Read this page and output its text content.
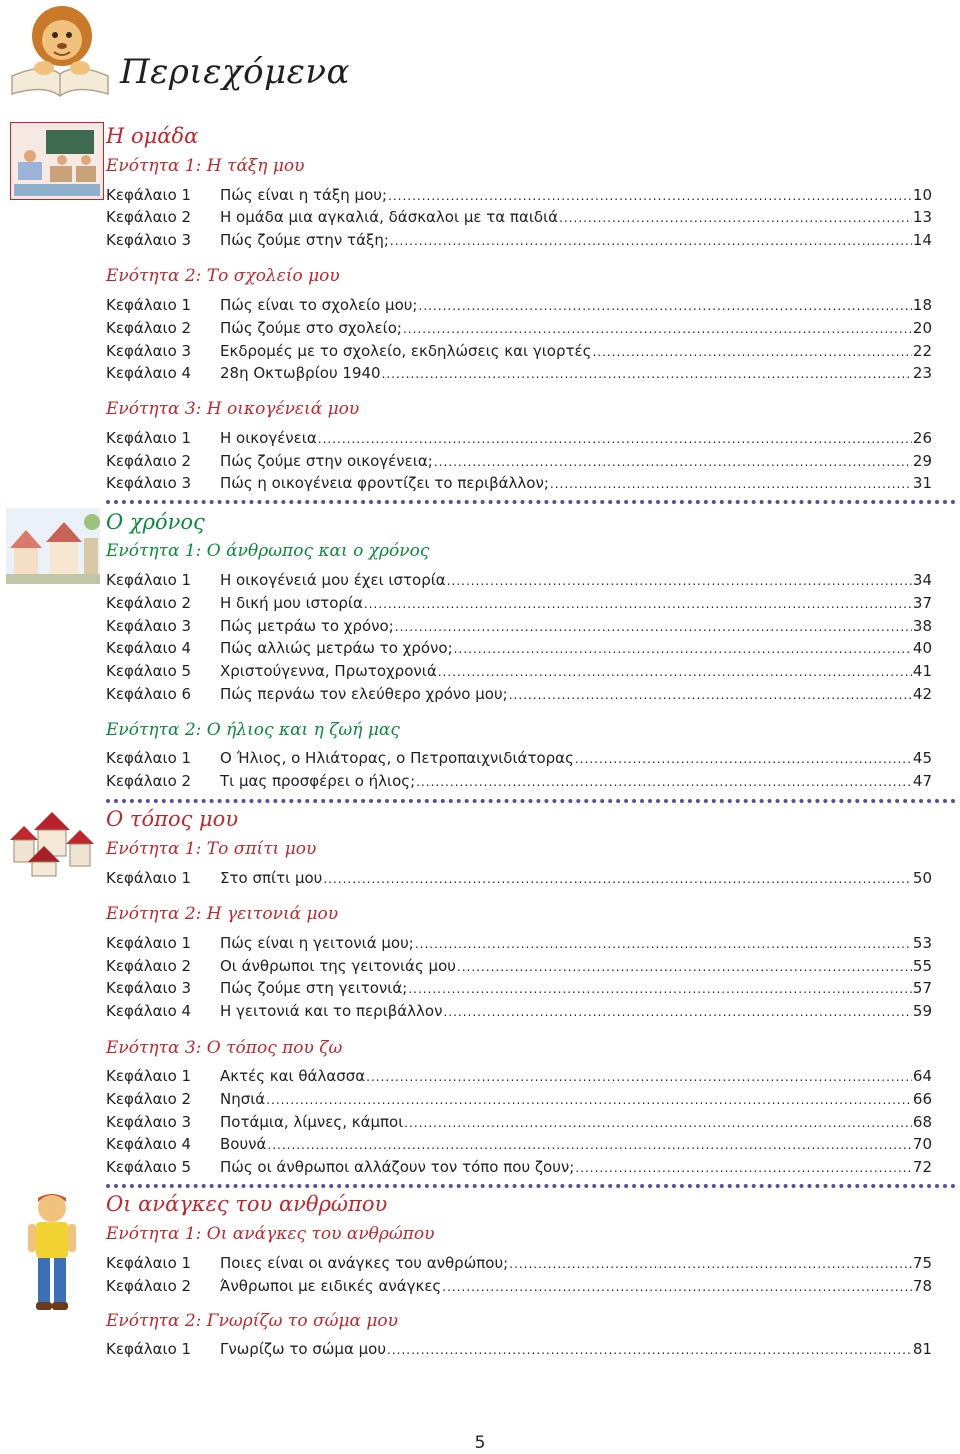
Περιεχόμενα
Η ομάδα
Ενότητα 1: Η τάξη μου
Κεφάλαιο 1	Πώς είναι η τάξη μου; .....	10
Κεφάλαιο 2	Η ομάδα μια αγκαλιά, δάσκαλοι με τα παιδιά .....	13
Κεφάλαιο 3	Πώς ζούμε στην τάξη; .....	14
Ενότητα 2: Το σχολείο μου
Κεφάλαιο 1	Πώς είναι το σχολείο μου; .....	18
Κεφάλαιο 2	Πώς ζούμε στο σχολείο; .....	20
Κεφάλαιο 3	Εκδρομές με το σχολείο, εκδηλώσεις και γιορτές .....	22
Κεφάλαιο 4	28η Οκτωβρίου 1940 .....	23
Ενότητα 3: Η οικογένειά μου
Κεφάλαιο 1	Η οικογένεια .....	26
Κεφάλαιο 2	Πώς ζούμε στην οικογένεια; .....	29
Κεφάλαιο 3	Πώς η οικογένεια φροντίζει το περιβάλλον; .....	31
Ο χρόνος
Ενότητα 1: Ο άνθρωπος και ο χρόνος
Κεφάλαιο 1	Η οικογένειά μου έχει ιστορία .....	34
Κεφάλαιο 2	Η δική μου ιστορία .....	37
Κεφάλαιο 3	Πώς μετράω το χρόνο; .....	38
Κεφάλαιο 4	Πώς αλλιώς μετράω το χρόνο; .....	40
Κεφάλαιο 5	Χριστούγεννα, Πρωτοχρονιά .....	41
Κεφάλαιο 6	Πώς περνάω τον ελεύθερο χρόνο μου; .....	42
Ενότητα 2: Ο ήλιος και η ζωή μας
Κεφάλαιο 1	Ο Ήλιος, ο Ηλιάτορας, ο Πετροπαιχνιδιάτορας .....	45
Κεφάλαιο 2	Τι μας προσφέρει ο ήλιος; .....	47
Ο τόπος μου
Ενότητα 1: Το σπίτι μου
Κεφάλαιο 1	Στο σπίτι μου .....	50
Ενότητα 2: Η γειτονιά μου
Κεφάλαιο 1	Πώς είναι η γειτονιά μου; .....	53
Κεφάλαιο 2	Οι άνθρωποι της γειτονιάς μου .....	55
Κεφάλαιο 3	Πώς ζούμε στη γειτονιά; .....	57
Κεφάλαιο 4	Η γειτονιά και το περιβάλλον .....	59
Ενότητα 3: Ο τόπος που ζω
Κεφάλαιο 1	Ακτές και θάλασσα .....	64
Κεφάλαιο 2	Νησιά .....	66
Κεφάλαιο 3	Ποτάμια, λίμνες, κάμποι .....	68
Κεφάλαιο 4	Βουνά .....	70
Κεφάλαιο 5	Πώς οι άνθρωποι αλλάζουν τον τόπο που ζουν; .....	72
Οι ανάγκες του ανθρώπου
Ενότητα 1: Οι ανάγκες του ανθρώπου
Κεφάλαιο 1	Ποιες είναι οι ανάγκες του ανθρώπου; .....	75
Κεφάλαιο 2	Άνθρωποι με ειδικές ανάγκες .....	78
Ενότητα 2: Γνωρίζω το σώμα μου
Κεφάλαιο 1	Γνωρίζω το σώμα μου .....	81
5
